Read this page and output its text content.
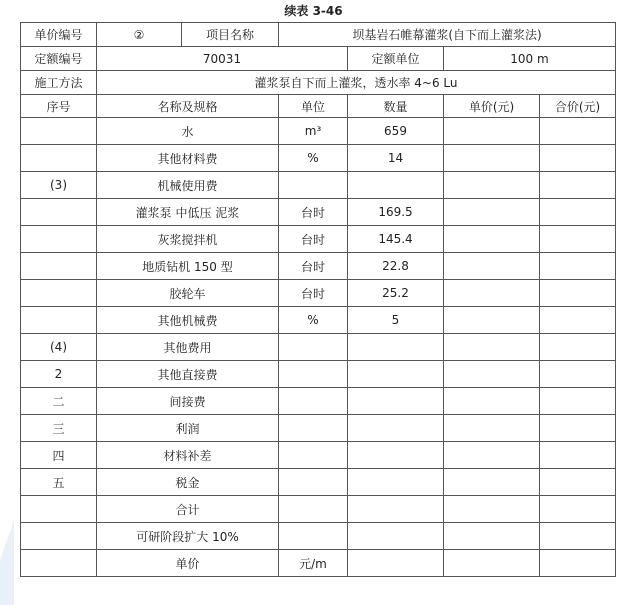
续表 3-46
单价编号	②	项目名称	坝基岩石帷幕灌浆(自下而上灌浆法)			
定额编号	70031			定额单位	100 m	
施工方法	灌浆泵自下而上灌浆，透水率 4~6 Lu					
序号	名称及规格		单位	数量	单价(元)	合价(元)
	水		m³	659		
	其他材料费		%	14		
(3)	机械使用费					
	灌浆泵 中低压 泥浆		台时	169.5		
	灰浆搅拌机		台时	145.4		
	地质钻机 150 型		台时	22.8		
	胶轮车		台时	25.2		
	其他机械费		%	5		
(4)	其他费用					
2	其他直接费					
二	间接费					
三	利润					
四	材料补差					
五	税金					
	合计					
	可研阶段扩大 10%					
	单价		元/m			
